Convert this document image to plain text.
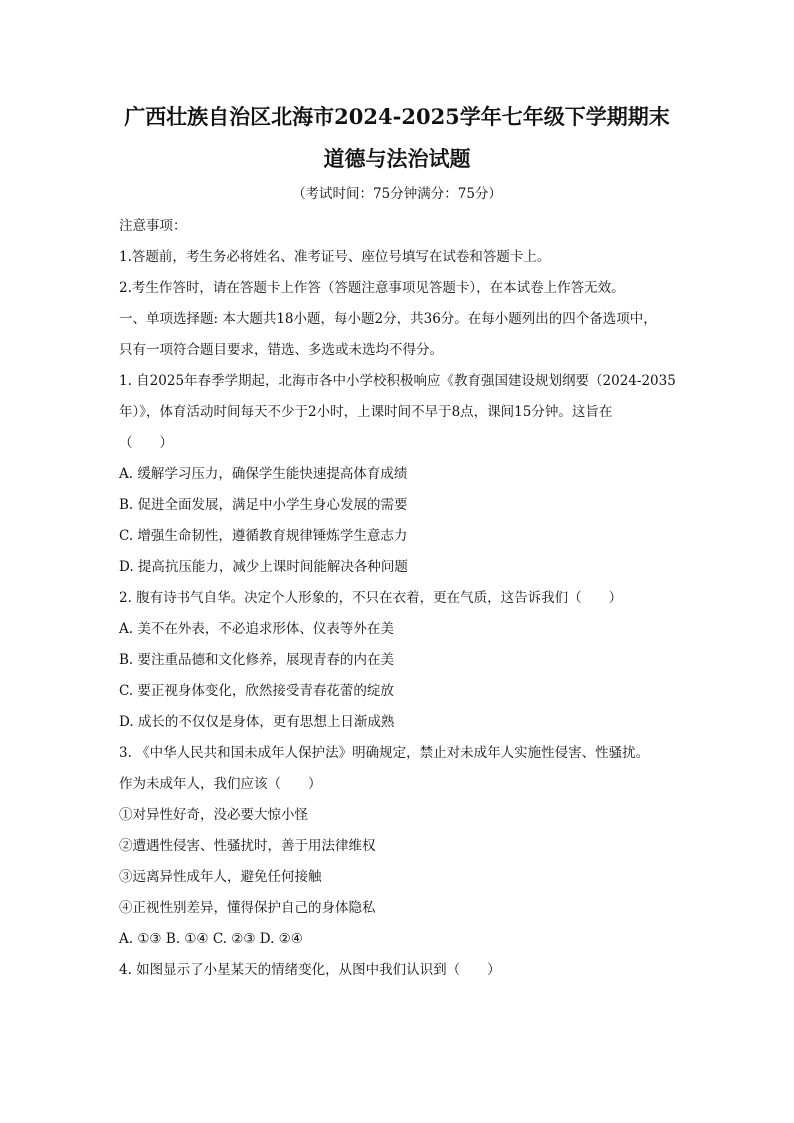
广西壮族自治区北海市2024-2025学年七年级下学期期末
道德与法治试题
（考试时间：75分钟满分：75分）
注意事项：
1.答题前，考生务必将姓名、准考证号、座位号填写在试卷和答题卡上。
2.考生作答时，请在答题卡上作答（答题注意事项见答题卡），在本试卷上作答无效。
一、单项选择题: 本大题共18小题，每小题2分，共36分。在每小题列出的四个备选项中，
只有一项符合题目要求，错选、多选或未选均不得分。
1. 自2025年春季学期起，北海市各中小学校积极响应《教育强国建设规划纲要（2024-2035
年）》，体育活动时间每天不少于2小时，上课时间不早于8点，课间15分钟。这旨在
（　　）
A. 缓解学习压力，确保学生能快速提高体育成绩
B. 促进全面发展，满足中小学生身心发展的需要
C. 增强生命韧性，遵循教育规律锤炼学生意志力
D. 提高抗压能力，减少上课时间能解决各种问题
2. 腹有诗书气自华。决定个人形象的，不只在衣着，更在气质，这告诉我们（　　）
A. 美不在外表，不必追求形体、仪表等外在美
B. 要注重品德和文化修养，展现青春的内在美
C. 要正视身体变化，欣然接受青春花蕾的绽放
D. 成长的不仅仅是身体，更有思想上日渐成熟
3. 《中华人民共和国未成年人保护法》明确规定，禁止对未成年人实施性侵害、性骚扰。
作为未成年人，我们应该（　　）
①对异性好奇，没必要大惊小怪
②遭遇性侵害、性骚扰时，善于用法律维权
③远离异性成年人，避免任何接触
④正视性别差异，懂得保护自己的身体隐私
A. ①③ B. ①④ C. ②③ D. ②④
4. 如图显示了小星某天的情绪变化，从图中我们认识到（　　）
